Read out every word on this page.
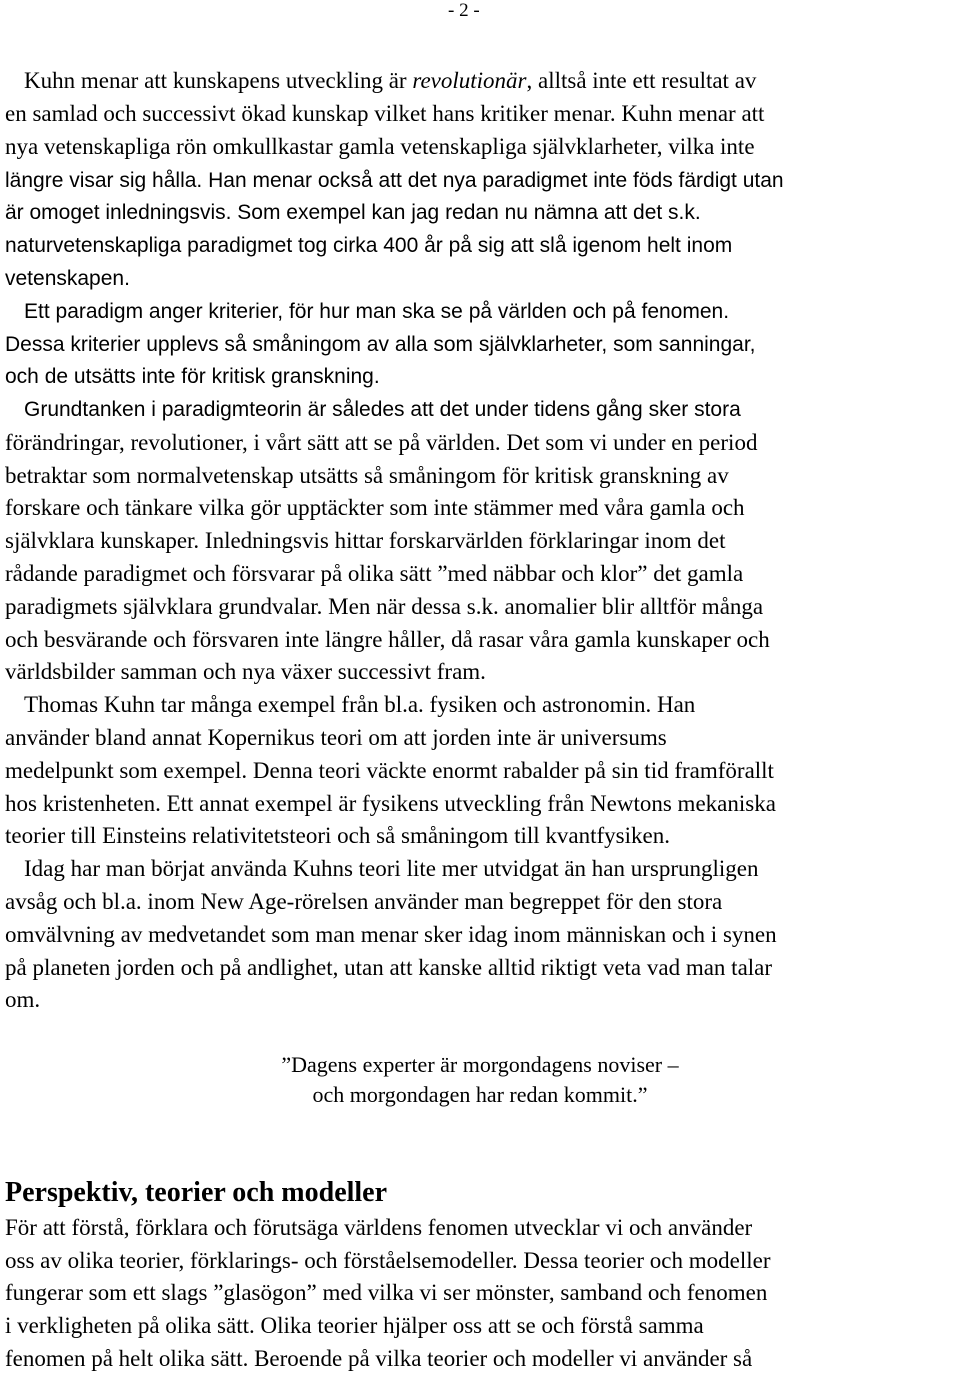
- 2 -
Kuhn menar att kunskapens utveckling är revolutionär, alltså inte ett resultat av
en samlad och successivt ökad kunskap vilket hans kritiker menar. Kuhn menar att
nya vetenskapliga rön omkullkastar gamla vetenskapliga självklarheter, vilka inte
längre visar sig hålla. Han menar också att det nya paradigmet inte föds färdigt utan
är omoget inledningsvis. Som exempel kan jag redan nu nämna att det s.k.
naturvetenskapliga paradigmet tog cirka 400 år på sig att slå igenom helt inom
vetenskapen.
Ett paradigm anger kriterier, för hur man ska se på världen och på fenomen.
Dessa kriterier upplevs så småningom av alla som självklarheter, som sanningar,
och de utsätts inte för kritisk granskning.
Grundtanken i paradigmteorin är således att det under tidens gång sker stora
förändringar, revolutioner, i vårt sätt att se på världen. Det som vi under en period
betraktar som normalvetenskap utsätts så småningom för kritisk granskning av
forskare och tänkare vilka gör upptäckter som inte stämmer med våra gamla och
självklara kunskaper. Inledningsvis hittar forskarvärlden förklaringar inom det
rådande paradigmet och försvarar på olika sätt ”med näbbar och klor” det gamla
paradigmets självklara grundvalar. Men när dessa s.k. anomalier blir alltför många
och besvärande och försvaren inte längre håller, då rasar våra gamla kunskaper och
världsbilder samman och nya växer successivt fram.
Thomas Kuhn tar många exempel från bl.a. fysiken och astronomin. Han
använder bland annat Kopernikus teori om att jorden inte är universums
medelpunkt som exempel. Denna teori väckte enormt rabalder på sin tid framförallt
hos kristenheten. Ett annat exempel är fysikens utveckling från Newtons mekaniska
teorier till Einsteins relativitetsteori och så småningom till kvantfysiken.
Idag har man börjat använda Kuhns teori lite mer utvidgat än han ursprungligen
avsåg och bl.a. inom New Age-rörelsen använder man begreppet för den stora
omvälvning av medvetandet som man menar sker idag inom människan och i synen
på planeten jorden och på andlighet, utan att kanske alltid riktigt veta vad man talar
om.
”Dagens experter är morgondagens noviser –
och morgondagen har redan kommit.”
Perspektiv, teorier och modeller
För att förstå, förklara och förutsäga världens fenomen utvecklar vi och använder
oss av olika teorier, förklarings- och förståelsemodeller. Dessa teorier och modeller
fungerar som ett slags ”glasögon” med vilka vi ser mönster, samband och fenomen
i verkligheten på olika sätt. Olika teorier hjälper oss att se och förstå samma
fenomen på helt olika sätt. Beroende på vilka teorier och modeller vi använder så
